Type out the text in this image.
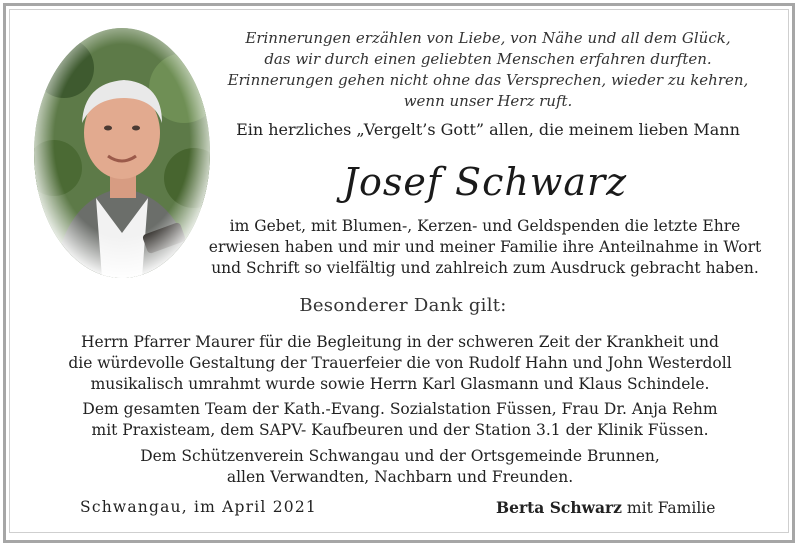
Erinnerungen erzählen von Liebe, von Nähe und all dem Glück,
das wir durch einen geliebten Menschen erfahren durften.
Erinnerungen gehen nicht ohne das Versprechen, wieder zu kehren,
wenn unser Herz ruft.
Ein herzliches „Vergelt’s Gott” allen, die meinem lieben Mann
Josef Schwarz
im Gebet, mit Blumen-, Kerzen- und Geldspenden die letzte Ehre
erwiesen haben und mir und meiner Familie ihre Anteilnahme in Wort
und Schrift so vielfältig und zahlreich zum Ausdruck gebracht haben.
Besonderer Dank gilt:
Herrn Pfarrer Maurer für die Begleitung in der schweren Zeit der Krankheit und
die würdevolle Gestaltung der Trauerfeier die von Rudolf Hahn und John Westerdoll
musikalisch umrahmt wurde sowie Herrn Karl Glasmann und Klaus Schindele.
Dem gesamten Team der Kath.-Evang. Sozialstation Füssen, Frau Dr. Anja Rehm
mit Praxisteam, dem SAPV- Kaufbeuren und der Station 3.1 der Klinik Füssen.
Dem Schützenverein Schwangau und der Ortsgemeinde Brunnen,
allen Verwandten, Nachbarn und Freunden.
Schwangau, im April 2021	Berta Schwarz mit Familie
